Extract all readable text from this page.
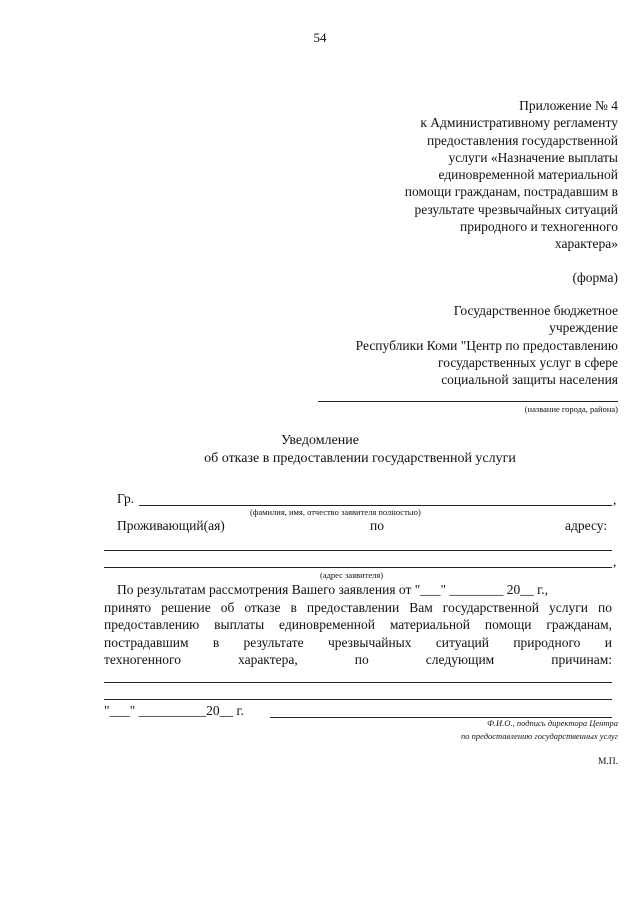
54
Приложение № 4
к Административному регламенту
предоставления государственной
услуги «Назначение выплаты
единовременной материальной
помощи гражданам, пострадавшим в
результате чрезвычайных ситуаций
природного и техногенного
характера»
(форма)
Государственное бюджетное
учреждение
Республики Коми "Центр по предоставлению
государственных услуг в сфере
социальной защиты населения
(название города, района)
Уведомление
об отказе в предоставлении государственной услуги
Гр.	,
(фамилия, имя, отчество заявителя полностью)
Проживающий(ая)	по	адресу:
,
(адрес заявителя)
По результатам рассмотрения Вашего заявления от "___" ________ 20__ г.,
принято решение об отказе в предоставлении Вам государственной услуги по
предоставлению выплаты единовременной материальной помощи гражданам,
пострадавшим в результате чрезвычайных ситуаций природного и
техногенного характера, по следующим причинам:
"___" __________20__ г.
Ф.И.О., подпись директора Центра
по предоставлению государственных услуг
М.П.
